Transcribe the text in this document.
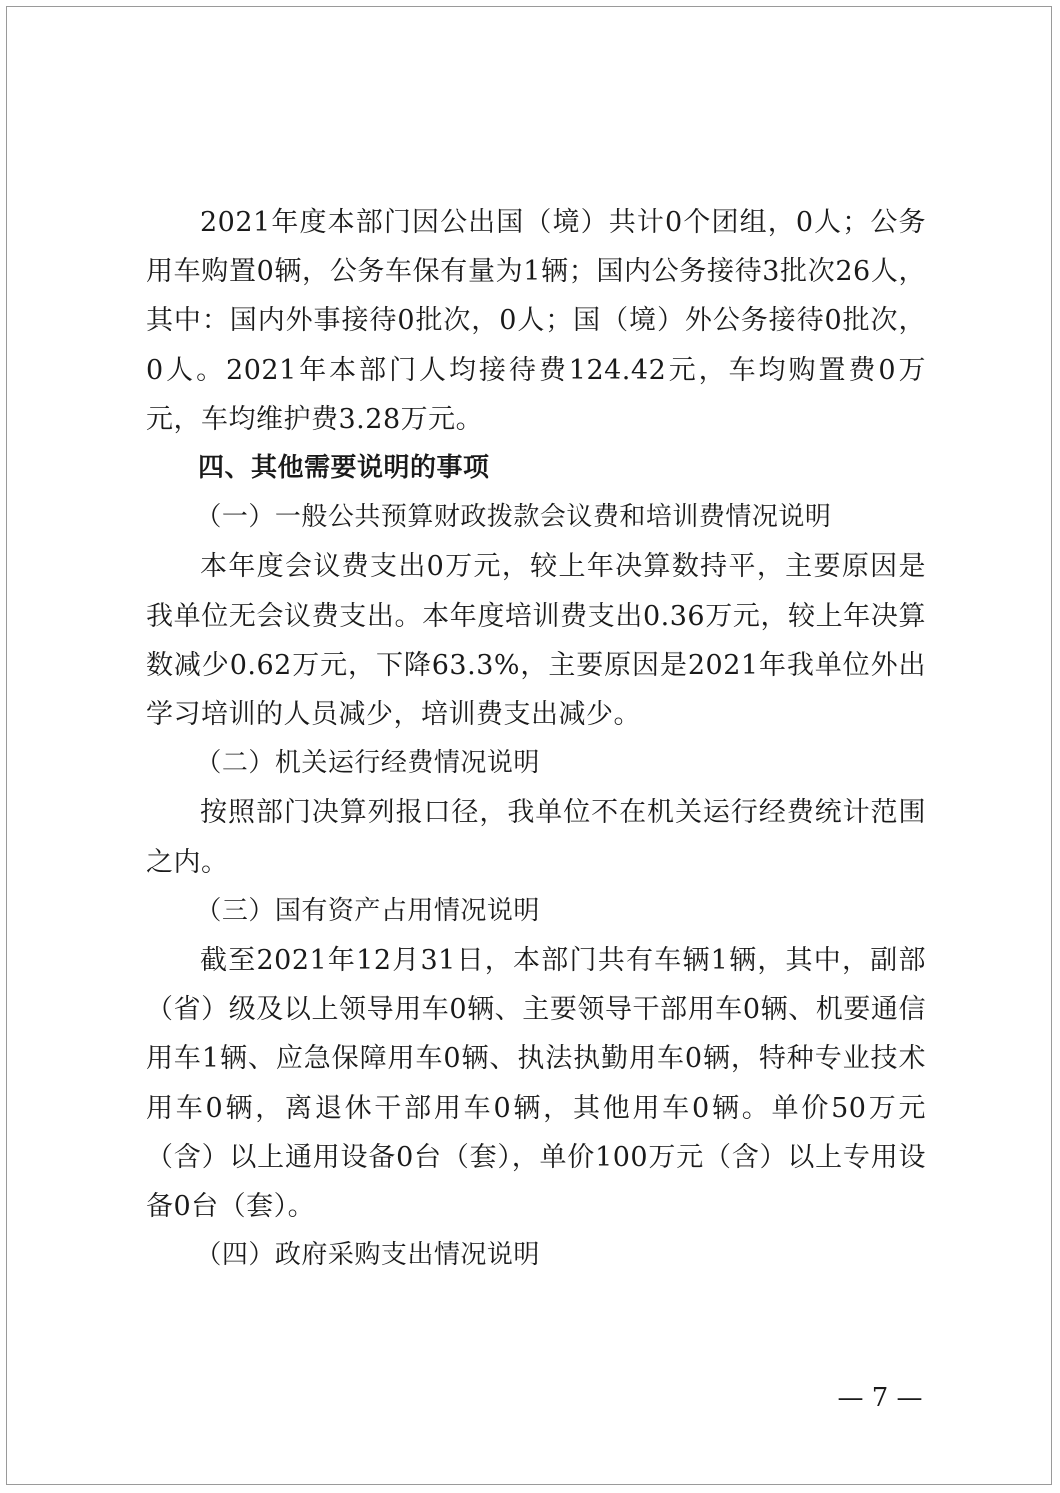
2021年度本部门因公出国（境）共计0个团组，0人；公务用车购置0辆，公务车保有量为1辆；国内公务接待3批次26人，其中：国内外事接待0批次，0人；国（境）外公务接待0批次，0人。2021年本部门人均接待费124.42元，车均购置费0万元，车均维护费3.28万元。

四、其他需要说明的事项

（一）一般公共预算财政拨款会议费和培训费情况说明

本年度会议费支出0万元，较上年决算数持平，主要原因是我单位无会议费支出。本年度培训费支出0.36万元，较上年决算数减少0.62万元，下降63.3%，主要原因是2021年我单位外出学习培训的人员减少，培训费支出减少。

（二）机关运行经费情况说明

按照部门决算列报口径，我单位不在机关运行经费统计范围之内。

（三）国有资产占用情况说明

截至2021年12月31日，本部门共有车辆1辆，其中，副部（省）级及以上领导用车0辆、主要领导干部用车0辆、机要通信用车1辆、应急保障用车0辆、执法执勤用车0辆，特种专业技术用车0辆，离退休干部用车0辆，其他用车0辆。单价50万元（含）以上通用设备0台（套），单价100万元（含）以上专用设备0台（套）。

（四）政府采购支出情况说明

— 7 —
